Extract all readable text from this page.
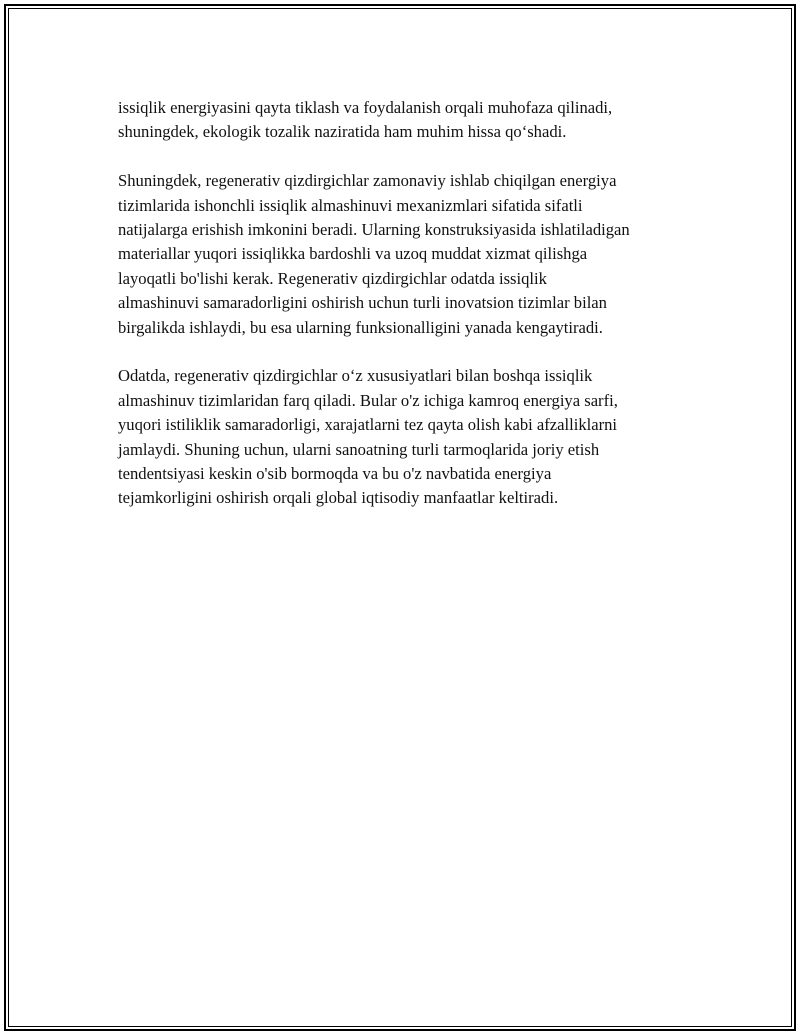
issiqlik energiyasini qayta tiklash va foydalanish orqali muhofaza qilinadi,
shuningdek, ekologik tozalik naziratida ham muhim hissa qo‘shadi.

Shuningdek, regenerativ qizdirgichlar zamonaviy ishlab chiqilgan energiya
tizimlarida ishonchli issiqlik almashinuvi mexanizmlari sifatida sifatli
natijalarga erishish imkonini beradi. Ularning konstruksiyasida ishlatiladigan
materiallar yuqori issiqlikka bardoshli va uzoq muddat xizmat qilishga
layoqatli bo'lishi kerak. Regenerativ qizdirgichlar odatda issiqlik
almashinuvi samaradorligini oshirish uchun turli inovatsion tizimlar bilan
birgalikda ishlaydi, bu esa ularning funksionalligini yanada kengaytiradi.

Odatda, regenerativ qizdirgichlar o‘z xususiyatlari bilan boshqa issiqlik
almashinuv tizimlaridan farq qiladi. Bular o'z ichiga kamroq energiya sarfi,
yuqori istiliklik samaradorligi, xarajatlarni tez qayta olish kabi afzalliklarni
jamlaydi. Shuning uchun, ularni sanoatning turli tarmoqlarida joriy etish
tendentsiyasi keskin o'sib bormoqda va bu o'z navbatida energiya
tejamkorligini oshirish orqali global iqtisodiy manfaatlar keltiradi.
